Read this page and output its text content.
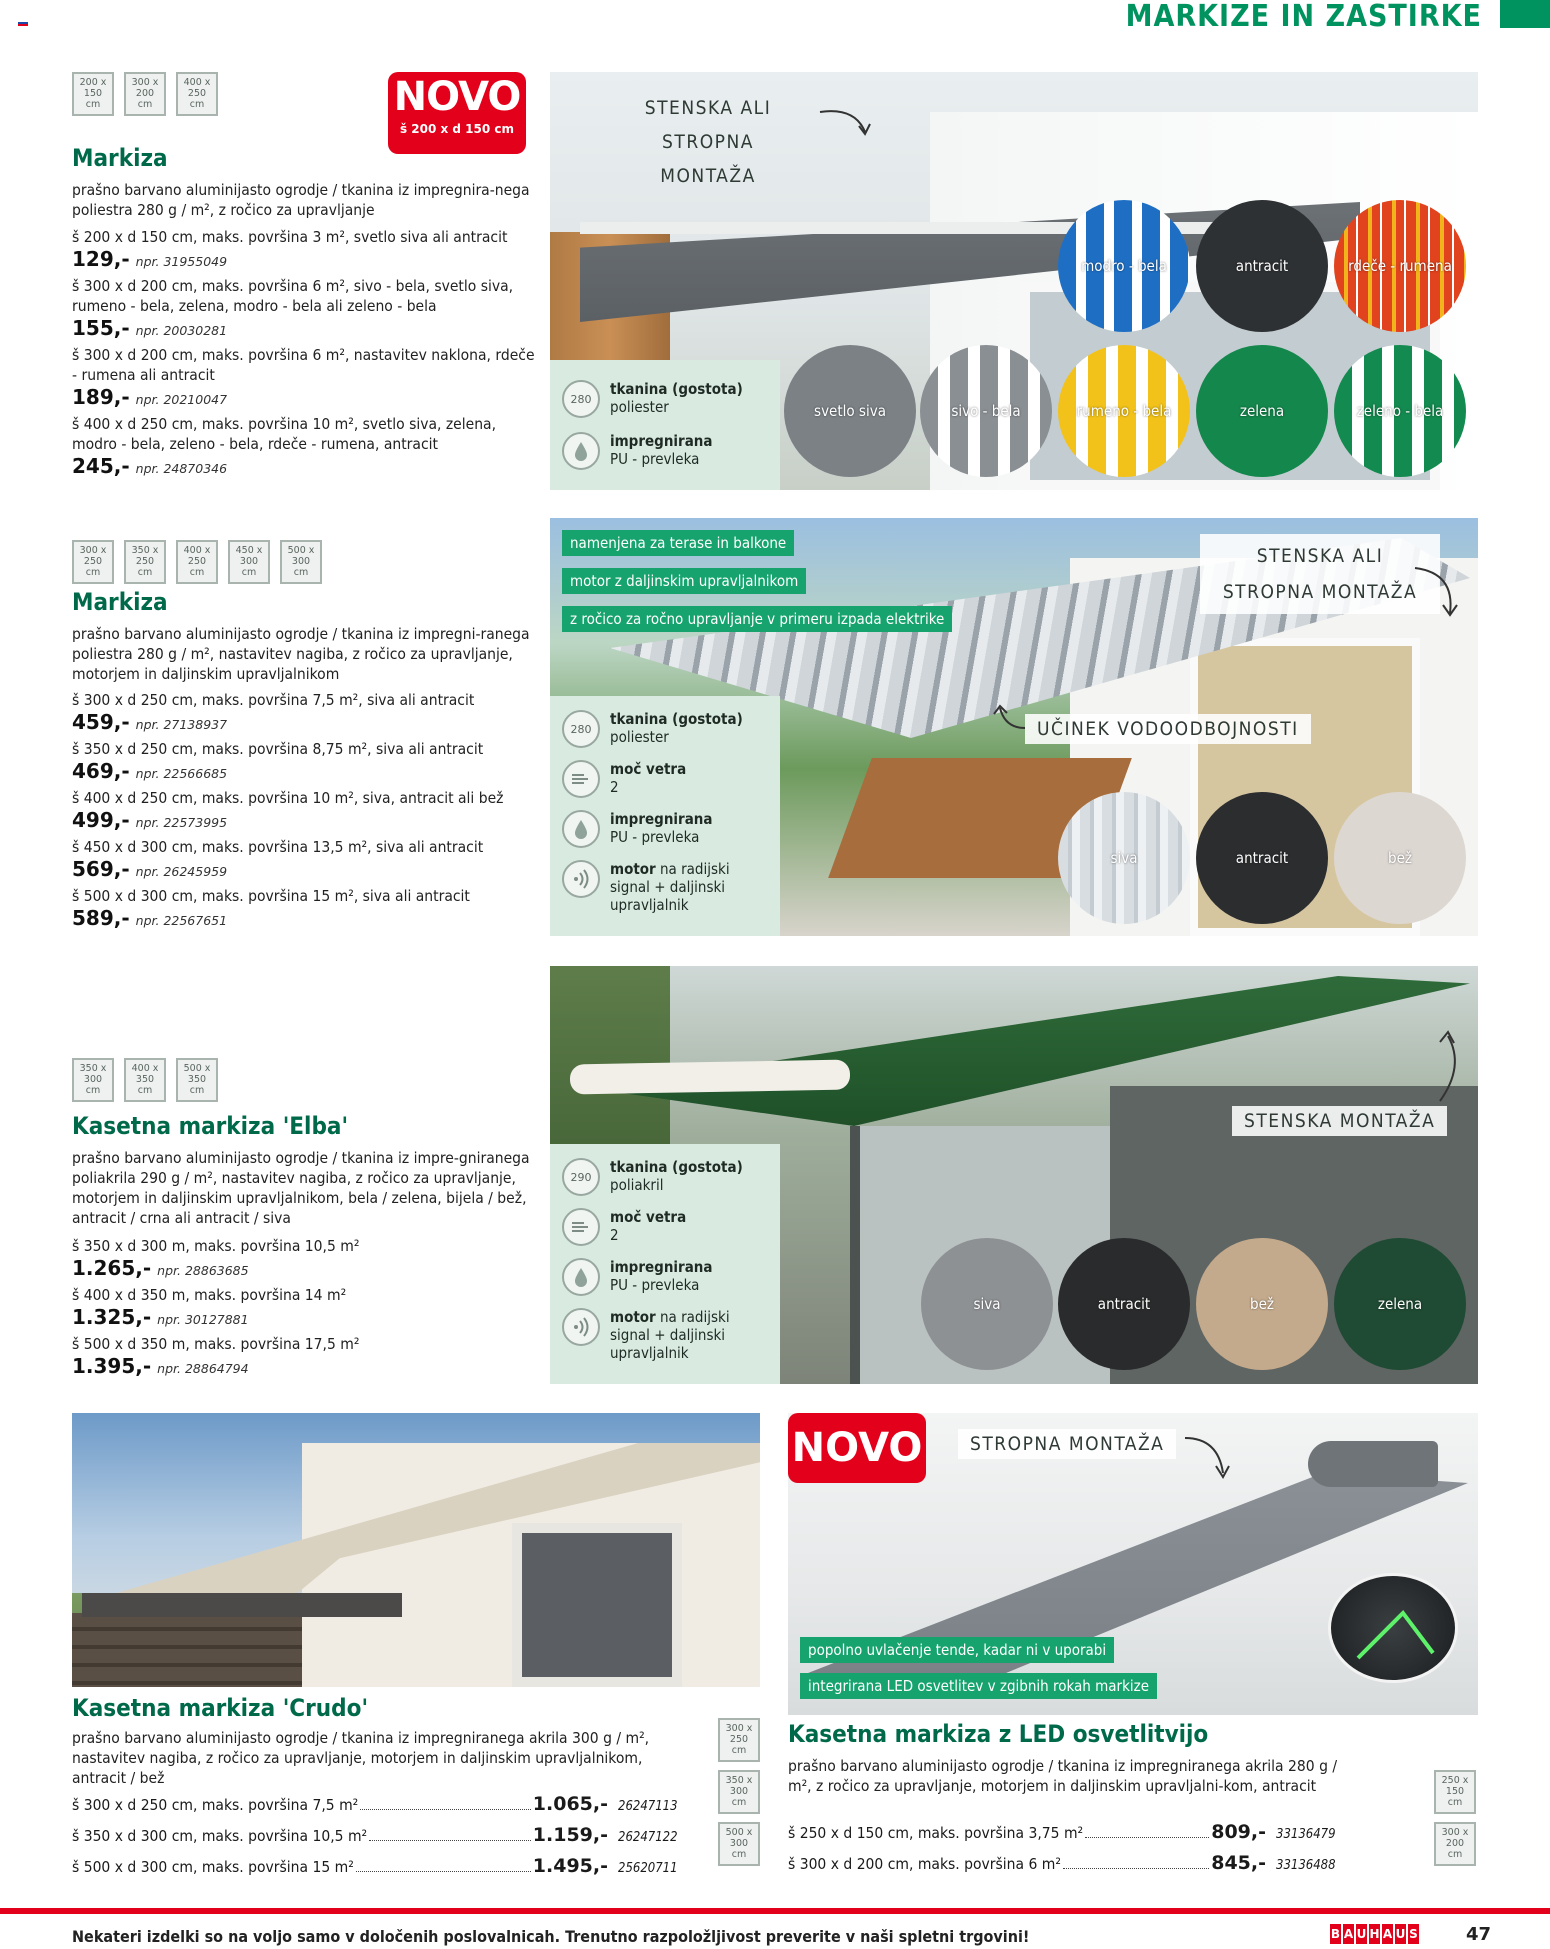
MARKIZE IN ZASTIRKE
200 x
150
cm
300 x
200
cm
400 x
250
cm	NOVO
š 200 x d 150 cm
Markiza
prašno barvano aluminijasto ogrodje / tkanina iz impregnira-nega poliestra 280 g / m², z ročico za upravljanje
š 200 x d 150 cm, maks. površina 3 m², svetlo siva ali antracit
129,- npr. 31955049
š 300 x d 200 cm, maks. površina 6 m², sivo - bela, svetlo siva, rumeno - bela, zelena, modro - bela ali zeleno - bela
155,- npr. 20030281
š 300 x d 200 cm, maks. površina 6 m², nastavitev naklona, rdeče - rumena ali antracit
189,- npr. 20210047
š 400 x d 250 cm, maks. površina 10 m², svetlo siva, zelena, modro - bela, zeleno - bela, rdeče - rumena, antracit
245,- npr. 24870346
STENSKA ALI STROPNA MONTAŽA
280
tkanina (gostota)
poliester
impregnirana
PU - prevleka
modro - bela	antracit	rdeče - rumena
svetlo siva	sivo - bela	rumeno - bela	zelena	zeleno - bela
300 x
250
cm
350 x
250
cm
400 x
250
cm
450 x
300
cm
500 x
300
cm
Markiza
prašno barvano aluminijasto ogrodje / tkanina iz impregni-ranega poliestra 280 g / m², nastavitev nagiba, z ročico za upravljanje, motorjem in daljinskim upravljalnikom
š 300 x d 250 cm, maks. površina 7,5 m², siva ali antracit
459,- npr. 27138937
š 350 x d 250 cm, maks. površina 8,75 m², siva ali antracit
469,- npr. 22566685
š 400 x d 250 cm, maks. površina 10 m², siva, antracit ali bež
499,- npr. 22573995
š 450 x d 300 cm, maks. površina 13,5 m², siva ali antracit
569,- npr. 26245959
š 500 x d 300 cm, maks. površina 15 m², siva ali antracit
589,- npr. 22567651
namenjena za terase in balkone
motor z daljinskim upravljalnikom
z ročico za ročno upravljanje v primeru izpada elektrike
STENSKA ALI STROPNA MONTAŽA
UČINEK VODOODBOJNOSTI
280
tkanina (gostota)
poliester
moč vetra
2
impregnirana
PU - prevleka
motor na radijski signal + daljinski upravljalnik
siva	antracit	bež
350 x
300
cm
400 x
350
cm
500 x
350
cm
Kasetna markiza 'Elba'
prašno barvano aluminijasto ogrodje / tkanina iz impre-gniranega poliakrila 290 g / m², nastavitev nagiba, z ročico za upravljanje, motorjem in daljinskim upravljalnikom, bela / zelena, bijela / bež, antracit / crna ali antracit / siva
š 350 x d 300 m, maks. površina 10,5 m²
1.265,- npr. 28863685
š 400 x d 350 m, maks. površina 14 m²
1.325,- npr. 30127881
š 500 x d 350 m, maks. površina 17,5 m²
1.395,- npr. 28864794
STENSKA MONTAŽA
290
tkanina (gostota)
poliakril
moč vetra
2
impregnirana
PU - prevleka
motor na radijski signal + daljinski upravljalnik
siva	antracit	bež	zelena
Kasetna markiza 'Crudo'
prašno barvano aluminijasto ogrodje / tkanina iz impregniranega akrila 300 g / m², nastavitev nagiba, z ročico za upravljanje, motorjem in daljinskim upravljalnikom, antracit / bež
š 300 x d 250 cm, maks. površina 7,5 m²	1.065,- 26247113
š 350 x d 300 cm, maks. površina 10,5 m²	1.159,- 26247122
š 500 x d 300 cm, maks. površina 15 m²	1.495,- 25620711
300 x
250
cm
350 x
300
cm
500 x
300
cm
NOVO	STROPNA MONTAŽA
popolno uvlačenje tende, kadar ni v uporabi
integrirana LED osvetlitev v zgibnih rokah markize
Kasetna markiza z LED osvetlitvijo
prašno barvano aluminijasto ogrodje / tkanina iz impregniranega akrila 280 g / m², z ročico za upravljanje, motorjem in daljinskim upravljalni-kom, antracit
š 250 x d 150 cm, maks. površina 3,75 m²	809,- 33136479
š 300 x d 200 cm, maks. površina 6 m²	845,- 33136488
250 x
150
cm
300 x
200
cm
Nekateri izdelki so na voljo samo v določenih poslovalnicah. Trenutno razpoložljivost preverite v naši spletni trgovini!	B A U H A U S	47
